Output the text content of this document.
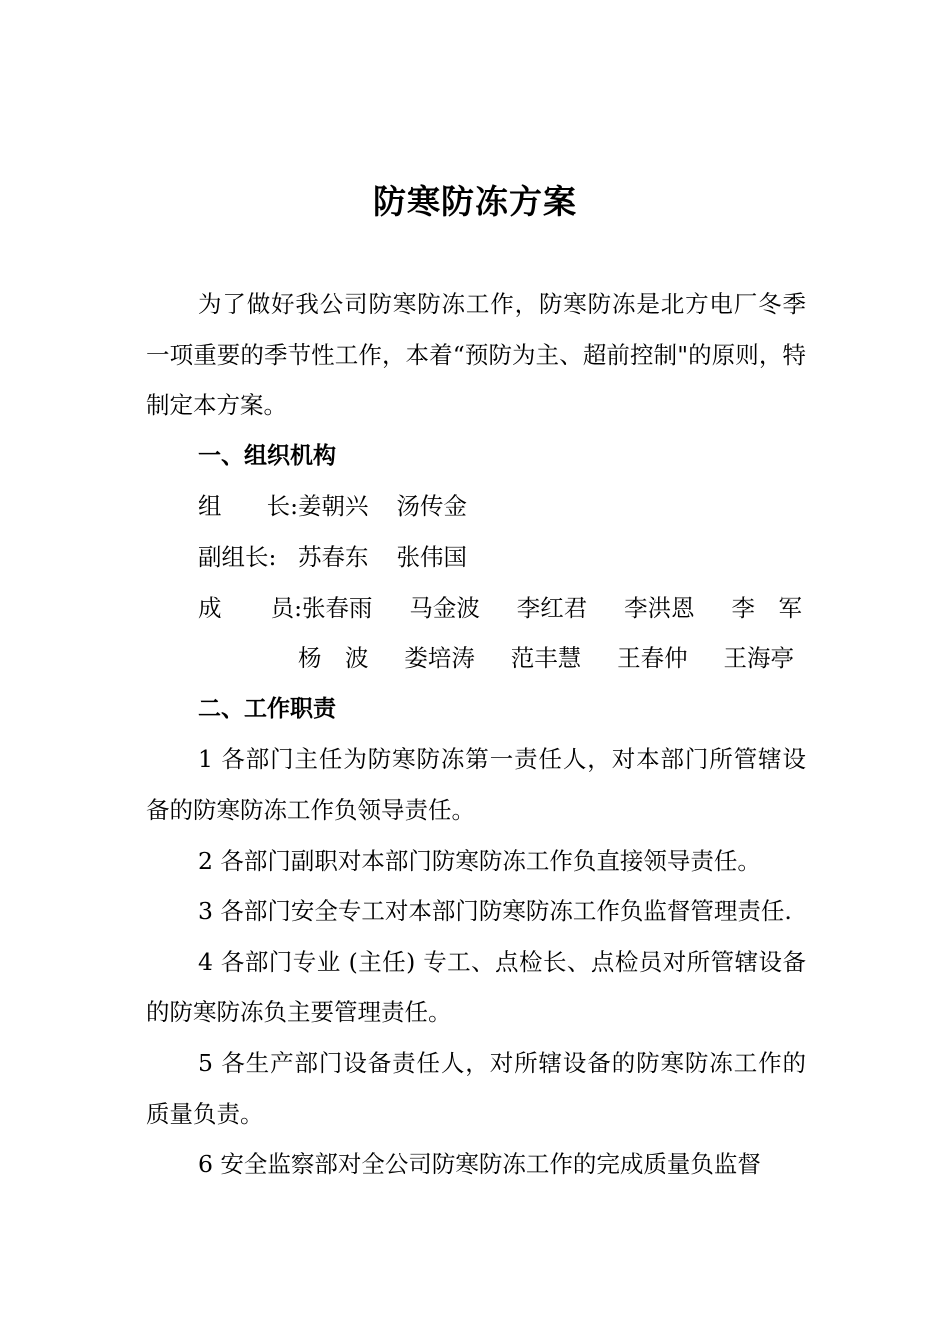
防寒防冻方案

为了做好我公司防寒防冻工作，防寒防冻是北方电厂冬季一项重要的季节性工作，本着“预防为主、超前控制"的原则，特制定本方案。

一、组织机构

组 长: 姜朝兴 汤传金
副组长: 苏春东 张伟国
成 员: 张春雨 马金波 李红君 李洪恩 李　军
杨　波 娄培涛 范丰慧 王春仲 王海亭

二、工作职责

1 各部门主任为防寒防冻第一责任人，对本部门所管辖设备的防寒防冻工作负领导责任。

2 各部门副职对本部门防寒防冻工作负直接领导责任。

3 各部门安全专工对本部门防寒防冻工作负监督管理责任.

4 各部门专业 (主任) 专工、点检长、点检员对所管辖设备的防寒防冻负主要管理责任。

5 各生产部门设备责任人，对所辖设备的防寒防冻工作的质量负责。

6 安全监察部对全公司防寒防冻工作的完成质量负监督
